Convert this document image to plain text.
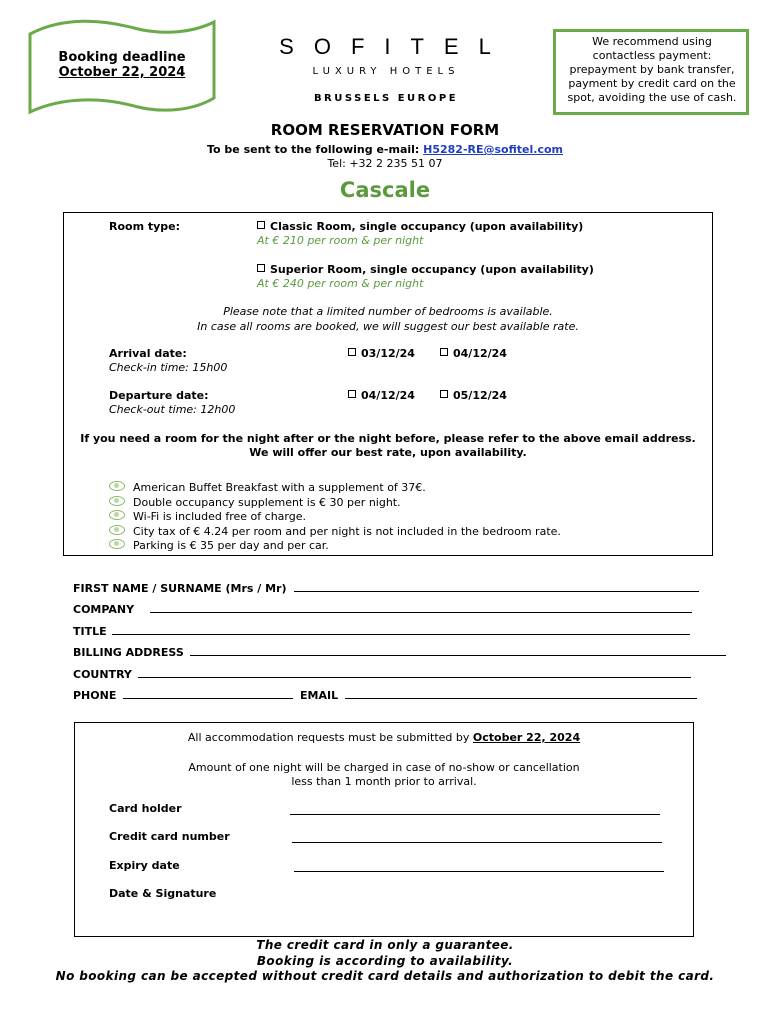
Booking deadline
October 22, 2024
SOFITEL
LUXURY HOTELS
BRUSSELS EUROPE
We recommend using contactless payment: prepayment by bank transfer, payment by credit card on the spot, avoiding the use of cash.
ROOM RESERVATION FORM
To be sent to the following e-mail: H5282-RE@sofitel.com
Tel: +32 2 235 51 07
Cascale
Room type:	Classic Room, single occupancy (upon availability)
At € 210 per room & per night
Superior Room, single occupancy (upon availability)
At € 240 per room & per night
Please note that a limited number of bedrooms is available.
In case all rooms are booked, we will suggest our best available rate.
Arrival date:
Check-in time: 15h00
03/12/24	04/12/24
Departure date:
Check-out time: 12h00
04/12/24	05/12/24
If you need a room for the night after or the night before, please refer to the above email address.
We will offer our best rate, upon availability.
American Buffet Breakfast with a supplement of 37€.
Double occupancy supplement is € 30 per night.
Wi-Fi is included free of charge.
City tax of € 4.24 per room and per night is not included in the bedroom rate.
Parking is € 35 per day and per car.
FIRST NAME / SURNAME (Mrs / Mr)
COMPANY
TITLE
BILLING ADDRESS
COUNTRY
PHONE	EMAIL
All accommodation requests must be submitted by October 22, 2024
Amount of one night will be charged in case of no-show or cancellation
less than 1 month prior to arrival.
Card holder
Credit card number
Expiry date
Date & Signature
The credit card in only a guarantee.
Booking is according to availability.
No booking can be accepted without credit card details and authorization to debit the card.
